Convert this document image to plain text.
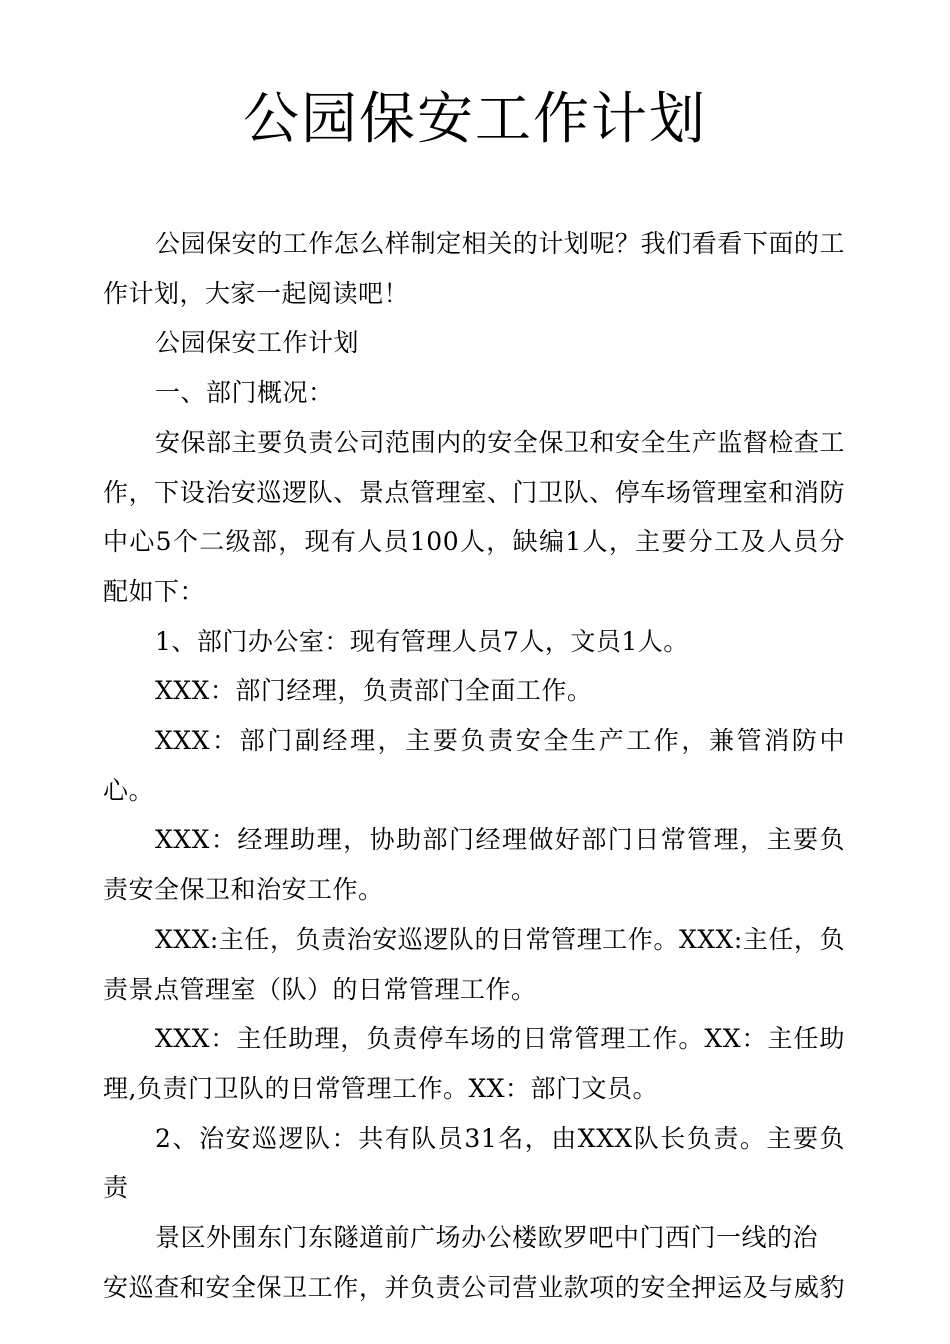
公园保安工作计划

公园保安的工作怎么样制定相关的计划呢？我们看看下面的工作计划，大家一起阅读吧！

公园保安工作计划

一、部门概况：

安保部主要负责公司范围内的安全保卫和安全生产监督检查工作，下设治安巡逻队、景点管理室、门卫队、停车场管理室和消防中心5个二级部，现有人员100人，缺编1人，主要分工及人员分配如下：

1、部门办公室：现有管理人员7人，文员1人。

XXX：部门经理，负责部门全面工作。

XXX：部门副经理，主要负责安全生产工作，兼管消防中心。

XXX：经理助理，协助部门经理做好部门日常管理，主要负责安全保卫和治安工作。

XXX:主任，负责治安巡逻队的日常管理工作。XXX:主任，负责景点管理室（队）的日常管理工作。

XXX：主任助理，负责停车场的日常管理工作。XX：主任助理,负责门卫队的日常管理工作。XX：部门文员。

2、治安巡逻队：共有队员31名，由XXX队长负责。主要负责

景区外围东门东隧道前广场办公楼欧罗吧中门西门一线的治

安巡查和安全保卫工作，并负责公司营业款项的安全押运及与威豹
